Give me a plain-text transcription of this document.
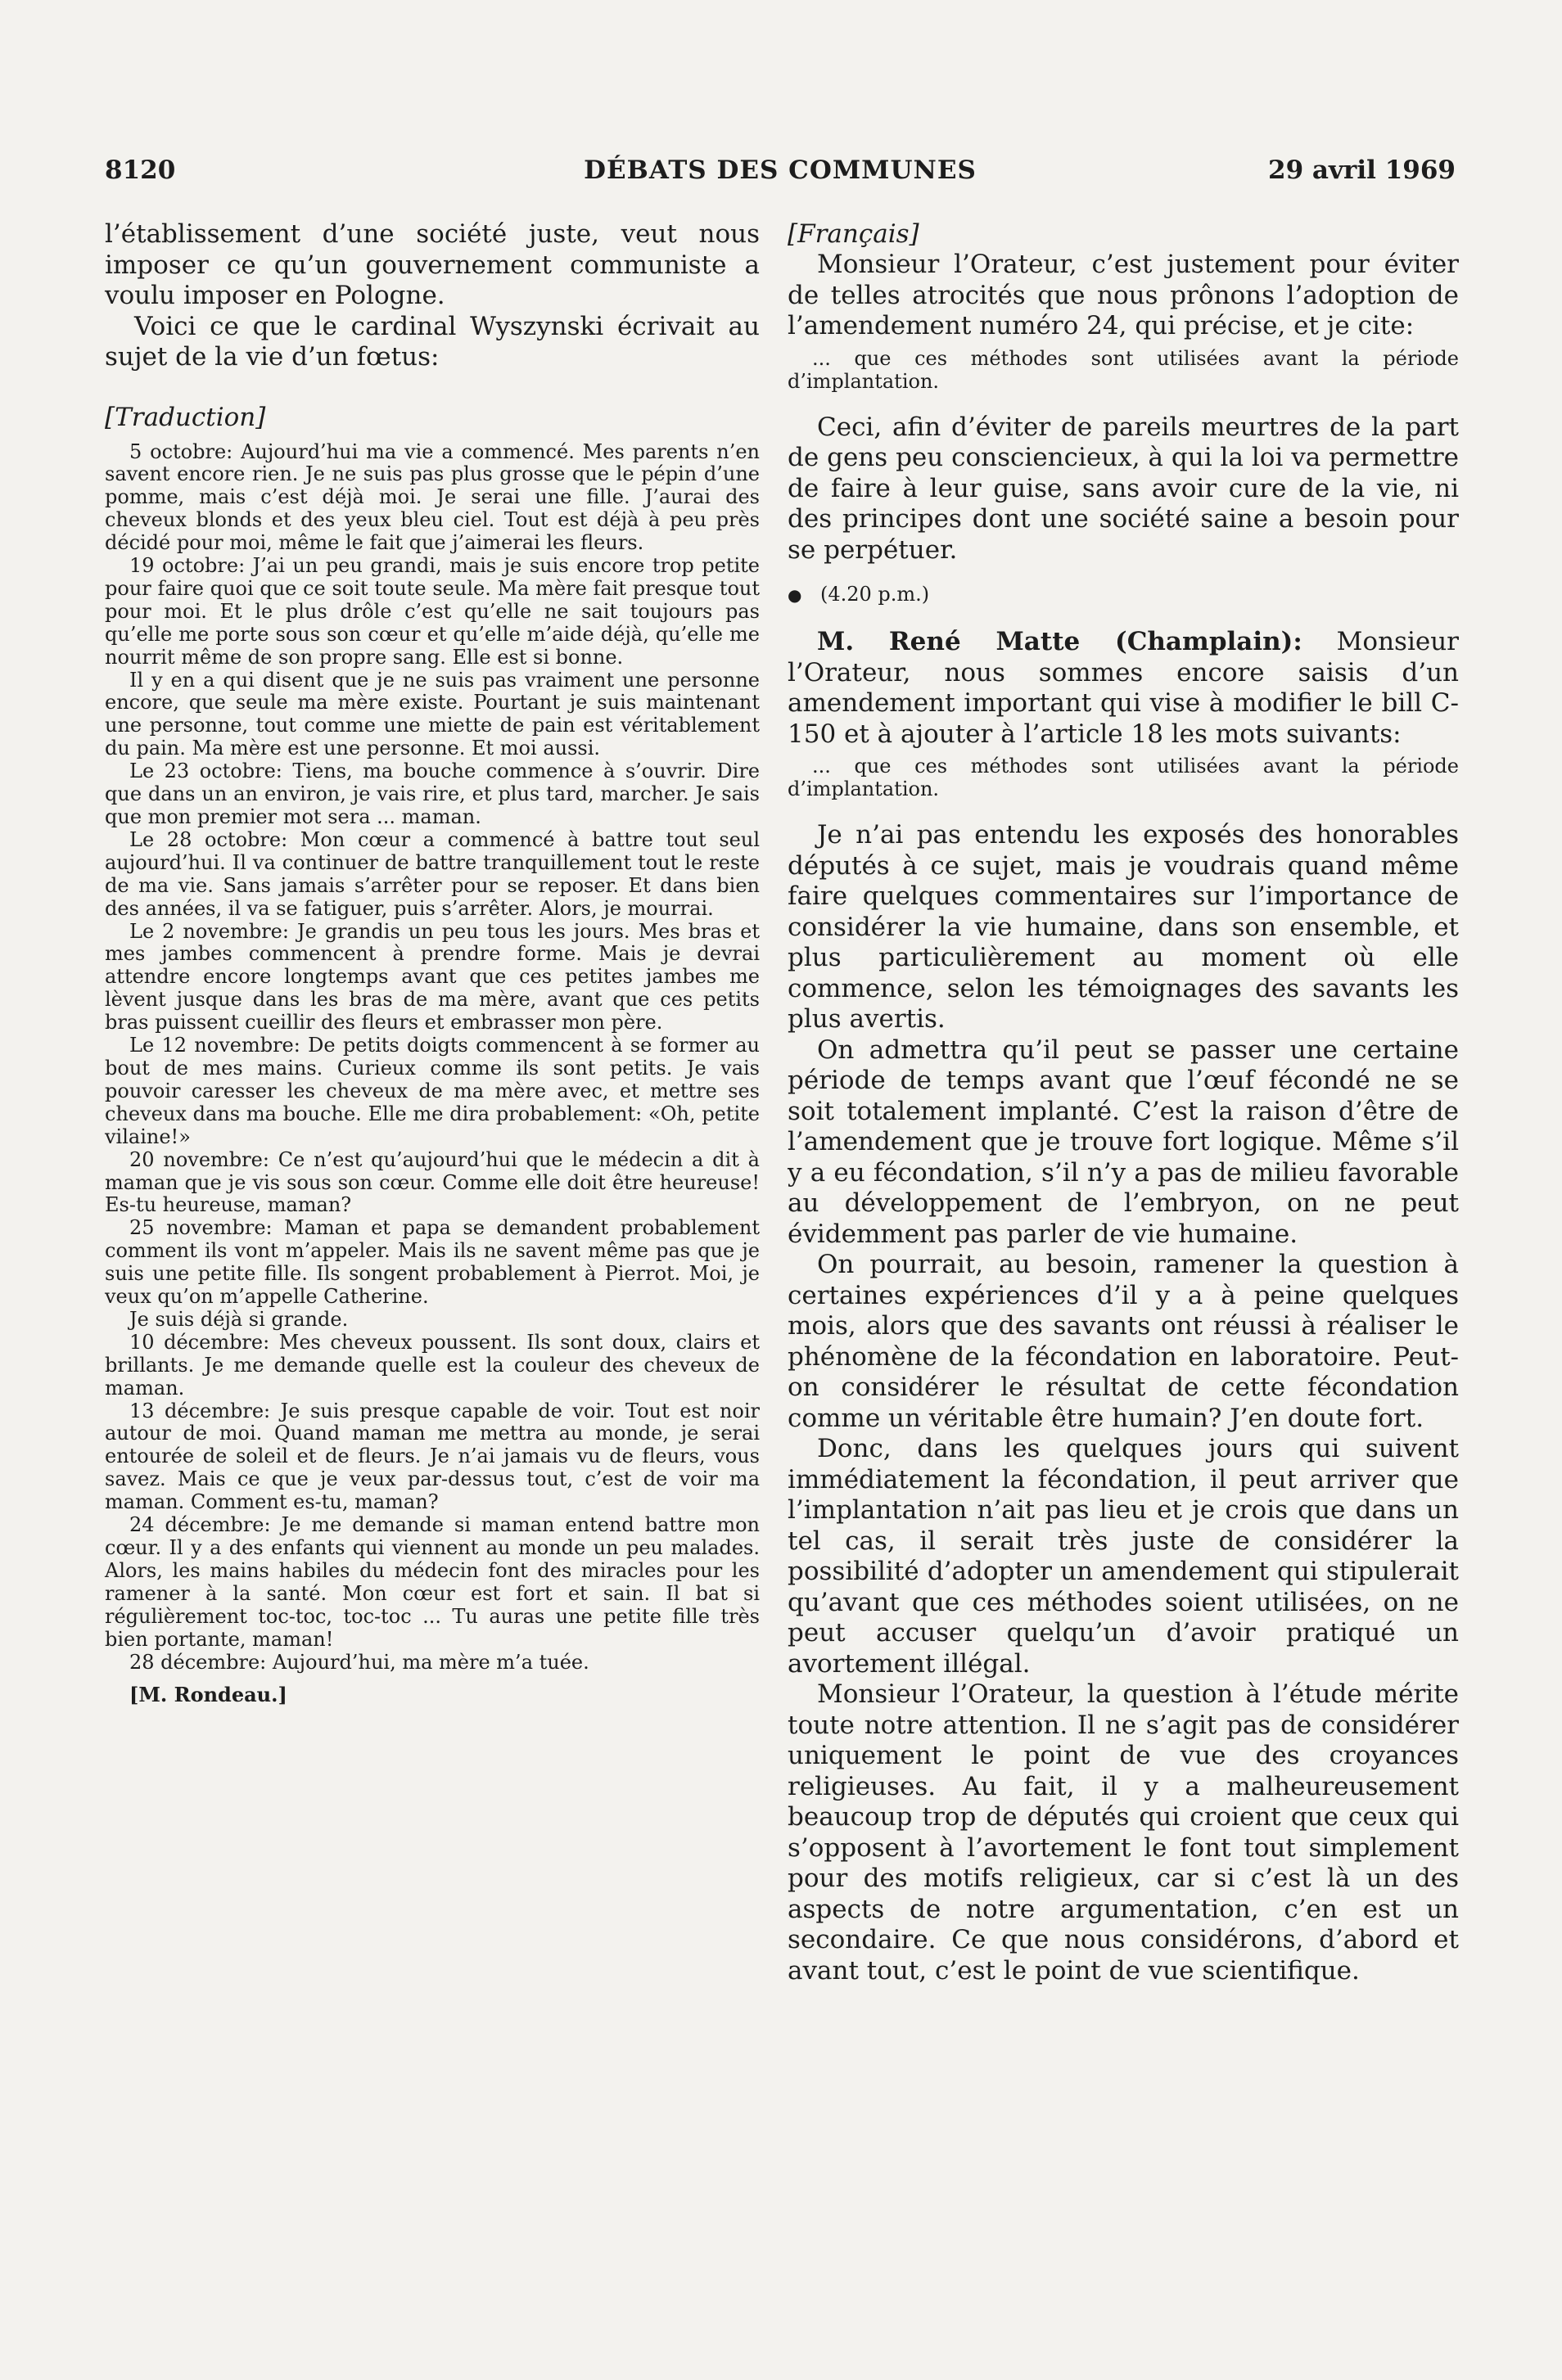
8120	DÉBATS DES COMMUNES	29 avril 1969

l’établissement d’une société juste, veut nous imposer ce qu’un gouvernement communiste a voulu imposer en Pologne.

Voici ce que le cardinal Wyszynski écrivait au sujet de la vie d’un fœtus:

[Traduction]

5 octobre: Aujourd’hui ma vie a commencé. Mes parents n’en savent encore rien. Je ne suis pas plus grosse que le pépin d’une pomme, mais c’est déjà moi. Je serai une fille. J’aurai des cheveux blonds et des yeux bleu ciel. Tout est déjà à peu près décidé pour moi, même le fait que j’aimerai les fleurs.

19 octobre: J’ai un peu grandi, mais je suis encore trop petite pour faire quoi que ce soit toute seule. Ma mère fait presque tout pour moi. Et le plus drôle c’est qu’elle ne sait toujours pas qu’elle me porte sous son cœur et qu’elle m’aide déjà, qu’elle me nourrit même de son propre sang. Elle est si bonne.

Il y en a qui disent que je ne suis pas vraiment une personne encore, que seule ma mère existe. Pourtant je suis maintenant une personne, tout comme une miette de pain est véritablement du pain. Ma mère est une personne. Et moi aussi.

Le 23 octobre: Tiens, ma bouche commence à s’ouvrir. Dire que dans un an environ, je vais rire, et plus tard, marcher. Je sais que mon premier mot sera ... maman.

Le 28 octobre: Mon cœur a commencé à battre tout seul aujourd’hui. Il va continuer de battre tranquillement tout le reste de ma vie. Sans jamais s’arrêter pour se reposer. Et dans bien des années, il va se fatiguer, puis s’arrêter. Alors, je mourrai.

Le 2 novembre: Je grandis un peu tous les jours. Mes bras et mes jambes commencent à prendre forme. Mais je devrai attendre encore longtemps avant que ces petites jambes me lèvent jusque dans les bras de ma mère, avant que ces petits bras puissent cueillir des fleurs et embrasser mon père.

Le 12 novembre: De petits doigts commencent à se former au bout de mes mains. Curieux comme ils sont petits. Je vais pouvoir caresser les cheveux de ma mère avec, et mettre ses cheveux dans ma bouche. Elle me dira probablement: «Oh, petite vilaine!»

20 novembre: Ce n’est qu’aujourd’hui que le médecin a dit à maman que je vis sous son cœur. Comme elle doit être heureuse! Es-tu heureuse, maman?

25 novembre: Maman et papa se demandent probablement comment ils vont m’appeler. Mais ils ne savent même pas que je suis une petite fille. Ils songent probablement à Pierrot. Moi, je veux qu’on m’appelle Catherine.

Je suis déjà si grande.

10 décembre: Mes cheveux poussent. Ils sont doux, clairs et brillants. Je me demande quelle est la couleur des cheveux de maman.

13 décembre: Je suis presque capable de voir. Tout est noir autour de moi. Quand maman me mettra au monde, je serai entourée de soleil et de fleurs. Je n’ai jamais vu de fleurs, vous savez. Mais ce que je veux par-dessus tout, c’est de voir ma maman. Comment es-tu, maman?

24 décembre: Je me demande si maman entend battre mon cœur. Il y a des enfants qui viennent au monde un peu malades. Alors, les mains habiles du médecin font des miracles pour les ramener à la santé. Mon cœur est fort et sain. Il bat si régulièrement toc-toc, toc-toc ... Tu auras une petite fille très bien portante, maman!

28 décembre: Aujourd’hui, ma mère m’a tuée.

[M. Rondeau.]

[Français]

Monsieur l’Orateur, c’est justement pour éviter de telles atrocités que nous prônons l’adoption de l’amendement numéro 24, qui précise, et je cite:

... que ces méthodes sont utilisées avant la période d’implantation.

Ceci, afin d’éviter de pareils meurtres de la part de gens peu consciencieux, à qui la loi va permettre de faire à leur guise, sans avoir cure de la vie, ni des principes dont une société saine a besoin pour se perpétuer.

● (4.20 p.m.)

M. René Matte (Champlain): Monsieur l’Orateur, nous sommes encore saisis d’un amendement important qui vise à modifier le bill C-150 et à ajouter à l’article 18 les mots suivants:

... que ces méthodes sont utilisées avant la période d’implantation.

Je n’ai pas entendu les exposés des honorables députés à ce sujet, mais je voudrais quand même faire quelques commentaires sur l’importance de considérer la vie humaine, dans son ensemble, et plus particulièrement au moment où elle commence, selon les témoignages des savants les plus avertis.

On admettra qu’il peut se passer une certaine période de temps avant que l’œuf fécondé ne se soit totalement implanté. C’est la raison d’être de l’amendement que je trouve fort logique. Même s’il y a eu fécondation, s’il n’y a pas de milieu favorable au développement de l’embryon, on ne peut évidemment pas parler de vie humaine.

On pourrait, au besoin, ramener la question à certaines expériences d’il y a à peine quelques mois, alors que des savants ont réussi à réaliser le phénomène de la fécondation en laboratoire. Peut-on considérer le résultat de cette fécondation comme un véritable être humain? J’en doute fort.

Donc, dans les quelques jours qui suivent immédiatement la fécondation, il peut arriver que l’implantation n’ait pas lieu et je crois que dans un tel cas, il serait très juste de considérer la possibilité d’adopter un amendement qui stipulerait qu’avant que ces méthodes soient utilisées, on ne peut accuser quelqu’un d’avoir pratiqué un avortement illégal.

Monsieur l’Orateur, la question à l’étude mérite toute notre attention. Il ne s’agit pas de considérer uniquement le point de vue des croyances religieuses. Au fait, il y a malheureusement beaucoup trop de députés qui croient que ceux qui s’opposent à l’avortement le font tout simplement pour des motifs religieux, car si c’est là un des aspects de notre argumentation, c’en est un secondaire. Ce que nous considérons, d’abord et avant tout, c’est le point de vue scientifique.
